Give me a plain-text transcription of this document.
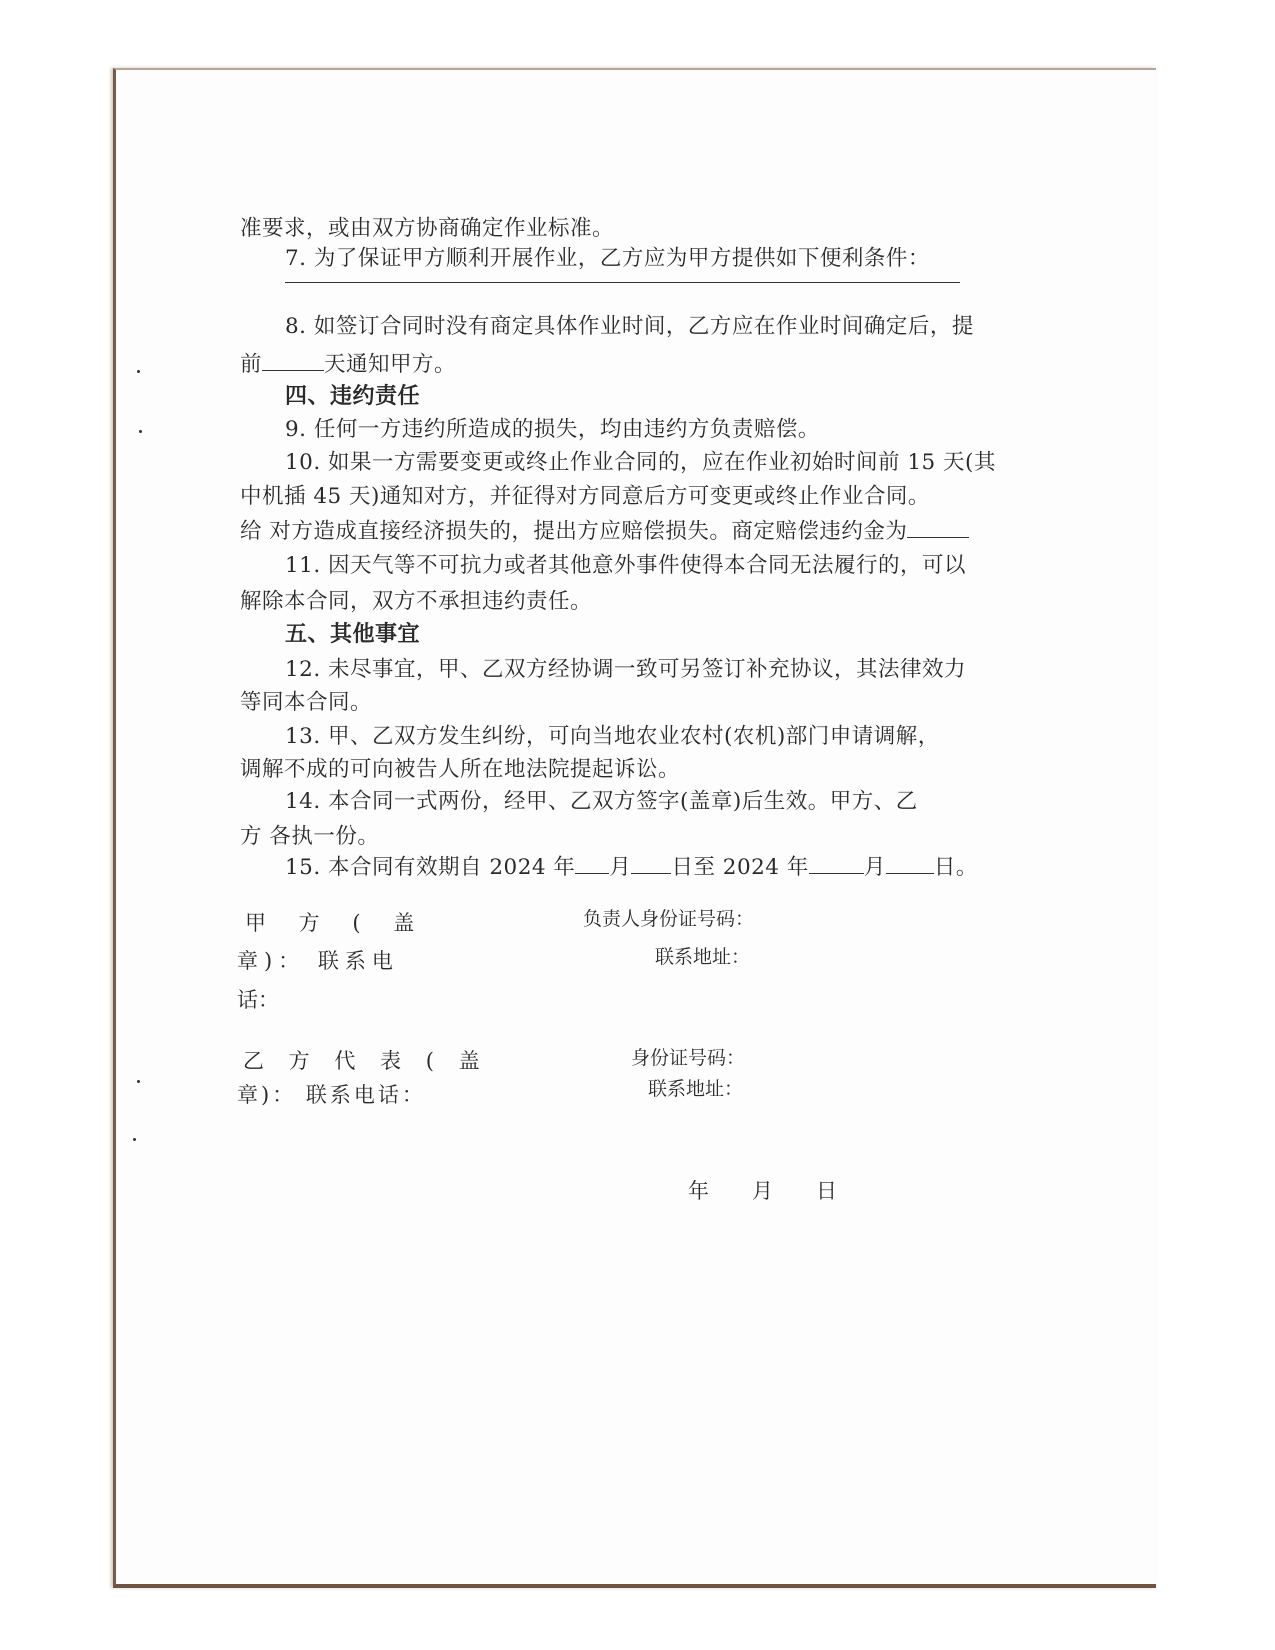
准要求，或由双方协商确定作业标准。
7. 为了保证甲方顺利开展作业，乙方应为甲方提供如下便利条件：
8. 如签订合同时没有商定具体作业时间，乙方应在作业时间确定后，提
前	天通知甲方。
四、违约责任
9. 任何一方违约所造成的损失，均由违约方负责赔偿。
10. 如果一方需要变更或终止作业合同的，应在作业初始时间前 15 天(其
中机插 45 天)通知对方，并征得对方同意后方可变更或终止作业合同。
给 对方造成直接经济损失的，提出方应赔偿损失。商定赔偿违约金为
11. 因天气等不可抗力或者其他意外事件使得本合同无法履行的，可以
解除本合同，双方不承担违约责任。
五、其他事宜
12. 未尽事宜，甲、乙双方经协调一致可另签订补充协议，其法律效力
等同本合同。
13. 甲、乙双方发生纠纷，可向当地农业农村(农机)部门申请调解，
调解不成的可向被告人所在地法院提起诉讼。
14. 本合同一式两份，经甲、乙双方签字(盖章)后生效。甲方、乙
方 各执一份。
15. 本合同有效期自 2024 年 月 日至 2024 年	月 日。
甲 方 ( 盖
章)： 联系电
话：
负责人身份证号码：
联系地址：
乙 方 代 表 ( 盖
章)： 联系电话：
身份证号码：
联系地址：
年 月 日
